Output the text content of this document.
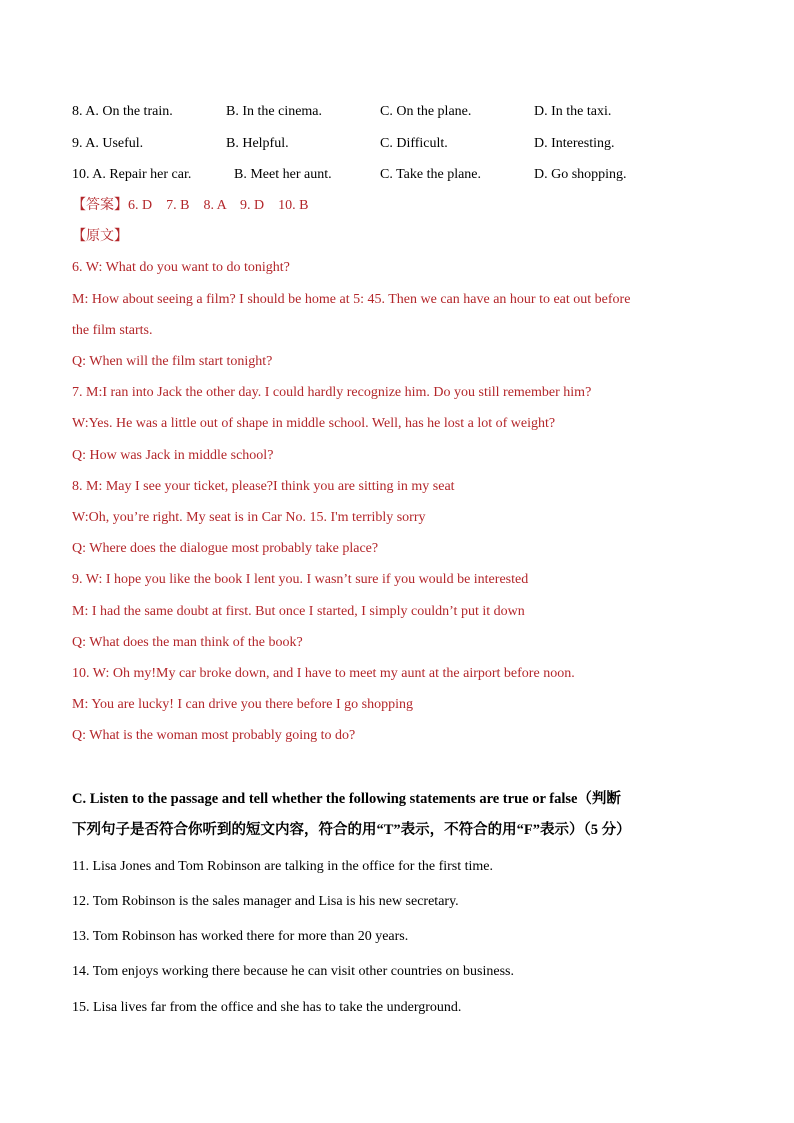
8. A. On the train.	B. In the cinema.	C. On the plane.	D. In the taxi.
9. A. Useful.	B. Helpful.	C. Difficult.	D. Interesting.
10. A. Repair her car.	B. Meet her aunt.	C. Take the plane.	D. Go shopping.
【答案】6. D　7. B　8. A　9. D　10. B
【原文】
6. W: What do you want to do tonight?
M: How about seeing a film? I should be home at 5: 45. Then we can have an hour to eat out before
the film starts.
Q: When will the film start tonight?
7. M:I ran into Jack the other day. I could hardly recognize him. Do you still remember him?
W:Yes. He was a little out of shape in middle school. Well, has he lost a lot of weight?
Q: How was Jack in middle school?
8. M: May I see your ticket, please?I think you are sitting in my seat
W:Oh, you’re right. My seat is in Car No. 15. I'm terribly sorry
Q: Where does the dialogue most probably take place?
9. W: I hope you like the book I lent you. I wasn’t sure if you would be interested
M: I had the same doubt at first. But once I started, I simply couldn’t put it down
Q: What does the man think of the book?
10. W: Oh my!My car broke down, and I have to meet my aunt at the airport before noon.
M: You are lucky! I can drive you there before I go shopping
Q: What is the woman most probably going to do?
C. Listen to the passage and tell whether the following statements are true or false（判断
下列句子是否符合你听到的短文内容，符合的用“T”表示，不符合的用“F”表示）（5 分）
11. Lisa Jones and Tom Robinson are talking in the office for the first time.
12. Tom Robinson is the sales manager and Lisa is his new secretary.
13. Tom Robinson has worked there for more than 20 years.
14. Tom enjoys working there because he can visit other countries on business.
15. Lisa lives far from the office and she has to take the underground.
